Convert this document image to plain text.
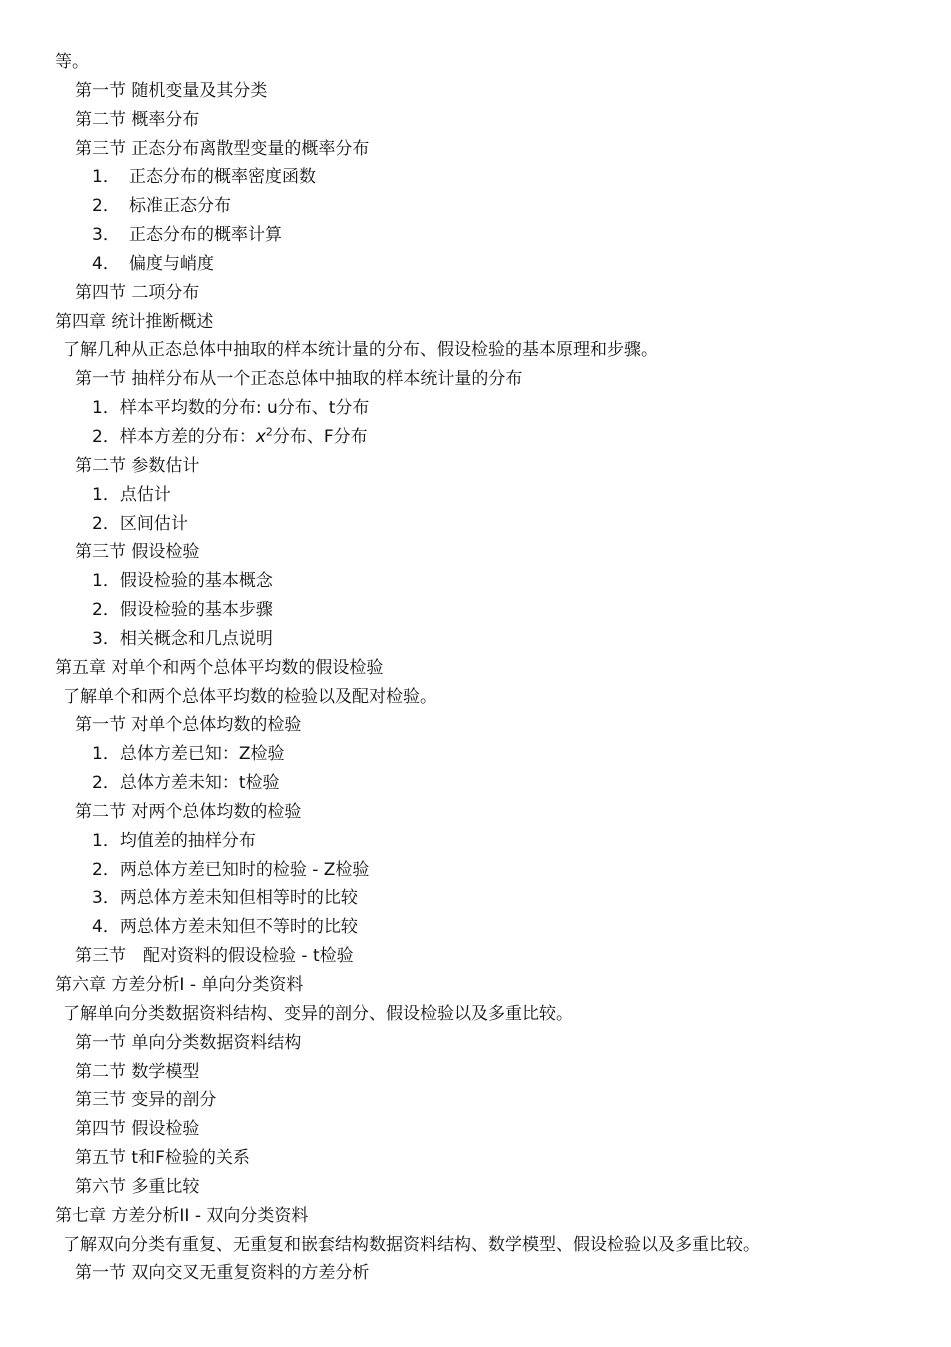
等。
第一节 随机变量及其分类
第二节 概率分布
第三节 正态分布离散型变量的概率分布
1． 正态分布的概率密度函数
2． 标准正态分布
3． 正态分布的概率计算
4． 偏度与峭度
第四节 二项分布
第四章 统计推断概述
了解几种从正态总体中抽取的样本统计量的分布、假设检验的基本原理和步骤。
第一节 抽样分布从一个正态总体中抽取的样本统计量的分布
1．样本平均数的分布: u分布、t分布
2．样本方差的分布：$x^2$分布、F分布
第二节 参数估计
1．点估计
2．区间估计
第三节 假设检验
1．假设检验的基本概念
2．假设检验的基本步骤
3．相关概念和几点说明
第五章 对单个和两个总体平均数的假设检验
了解单个和两个总体平均数的检验以及配对检验。
第一节 对单个总体均数的检验
1．总体方差已知：Z检验
2．总体方差未知：t检验
第二节 对两个总体均数的检验
1．均值差的抽样分布
2．两总体方差已知时的检验 - Z检验
3．两总体方差未知但相等时的比较
4．两总体方差未知但不等时的比较
第三节　配对资料的假设检验 - t检验
第六章 方差分析I - 单向分类资料
了解单向分类数据资料结构、变异的剖分、假设检验以及多重比较。
第一节 单向分类数据资料结构
第二节 数学模型
第三节 变异的剖分
第四节 假设检验
第五节 t和F检验的关系
第六节 多重比较
第七章 方差分析II - 双向分类资料
了解双向分类有重复、无重复和嵌套结构数据资料结构、数学模型、假设检验以及多重比较。
第一节 双向交叉无重复资料的方差分析
